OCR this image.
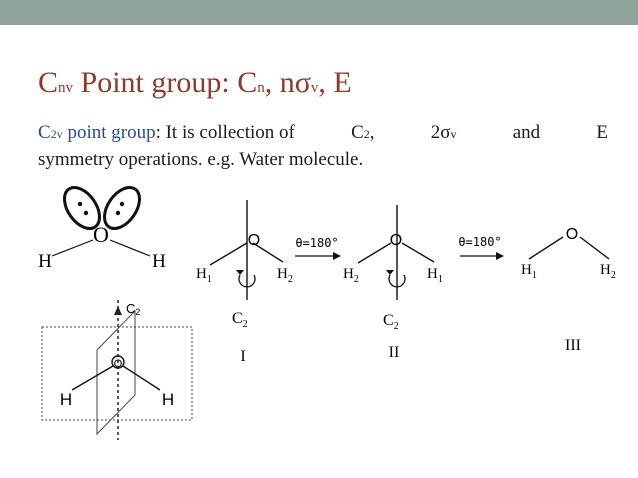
Cnv Point group: Cn, nσv, E
C2v point group: It is collection of	C2,	2σv	and	E
symmetry operations. e.g. Water molecule.
O
H	H
C2
O
H	H
O
$H_1$	$H_2$
$C_2$
I
θ=180°	O
$H_2$	$H_1$
$C_2$
II
θ=180°	O
$H_1$	$H_2$
III
